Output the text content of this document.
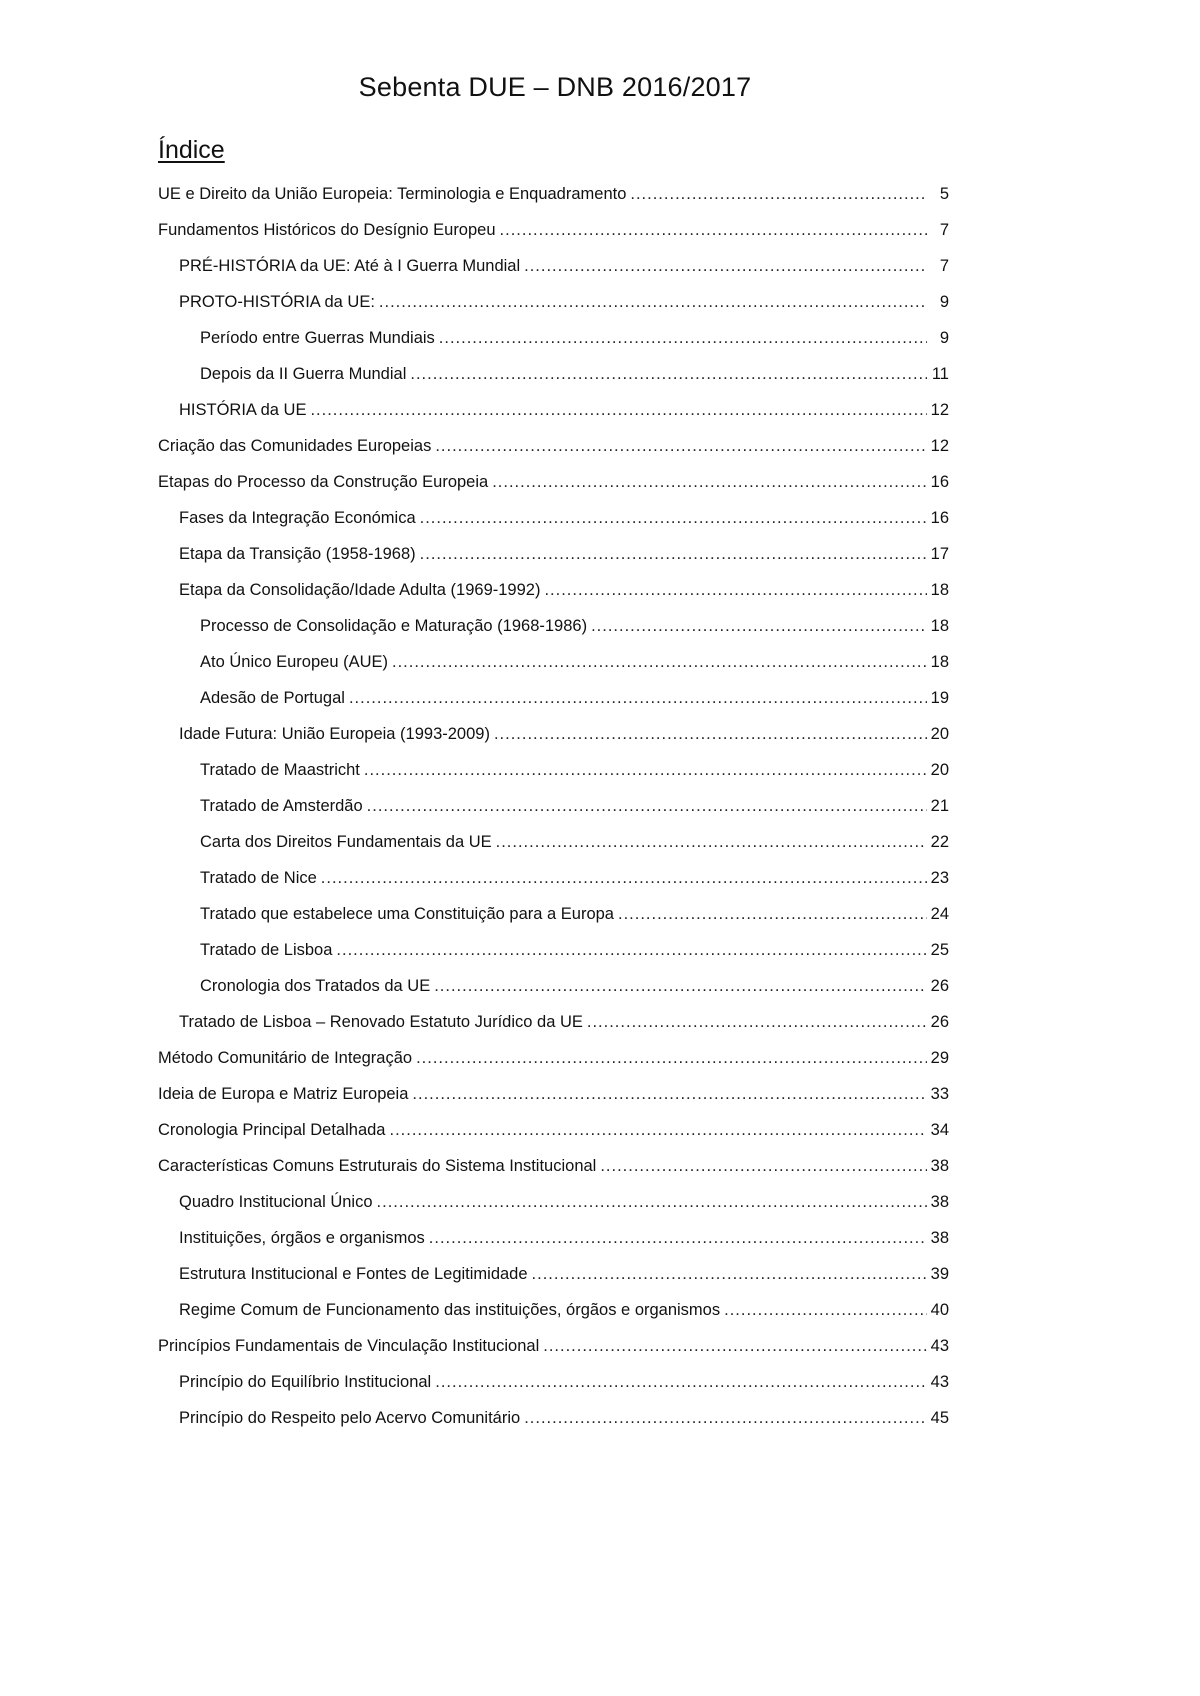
Sebenta DUE – DNB 2016/2017
Índice
UE e Direito da União Europeia: Terminologia e Enquadramento .....	5
Fundamentos Históricos do Desígnio Europeu .....	7
PRÉ-HISTÓRIA da UE: Até à I Guerra Mundial .....	7
PROTO-HISTÓRIA da UE: .....	9
Período entre Guerras Mundiais .....	9
Depois da II Guerra Mundial .....	11
HISTÓRIA da UE .....	12
Criação das Comunidades Europeias .....	12
Etapas do Processo da Construção Europeia .....	16
Fases da Integração Económica .....	16
Etapa da Transição (1958-1968) .....	17
Etapa da Consolidação/Idade Adulta (1969-1992) .....	18
Processo de Consolidação e Maturação (1968-1986) .....	18
Ato Único Europeu (AUE) .....	18
Adesão de Portugal .....	19
Idade Futura: União Europeia (1993-2009) .....	20
Tratado de Maastricht .....	20
Tratado de Amsterdão .....	21
Carta dos Direitos Fundamentais da UE .....	22
Tratado de Nice .....	23
Tratado que estabelece uma Constituição para a Europa .....	24
Tratado de Lisboa .....	25
Cronologia dos Tratados da UE .....	26
Tratado de Lisboa – Renovado Estatuto Jurídico da UE .....	26
Método Comunitário de Integração .....	29
Ideia de Europa e Matriz Europeia .....	33
Cronologia Principal Detalhada .....	34
Características Comuns Estruturais do Sistema Institucional .....	38
Quadro Institucional Único .....	38
Instituições, órgãos e organismos .....	38
Estrutura Institucional e Fontes de Legitimidade .....	39
Regime Comum de Funcionamento das instituições, órgãos e organismos .....	40
Princípios Fundamentais de Vinculação Institucional .....	43
Princípio do Equilíbrio Institucional .....	43
Princípio do Respeito pelo Acervo Comunitário .....	45
